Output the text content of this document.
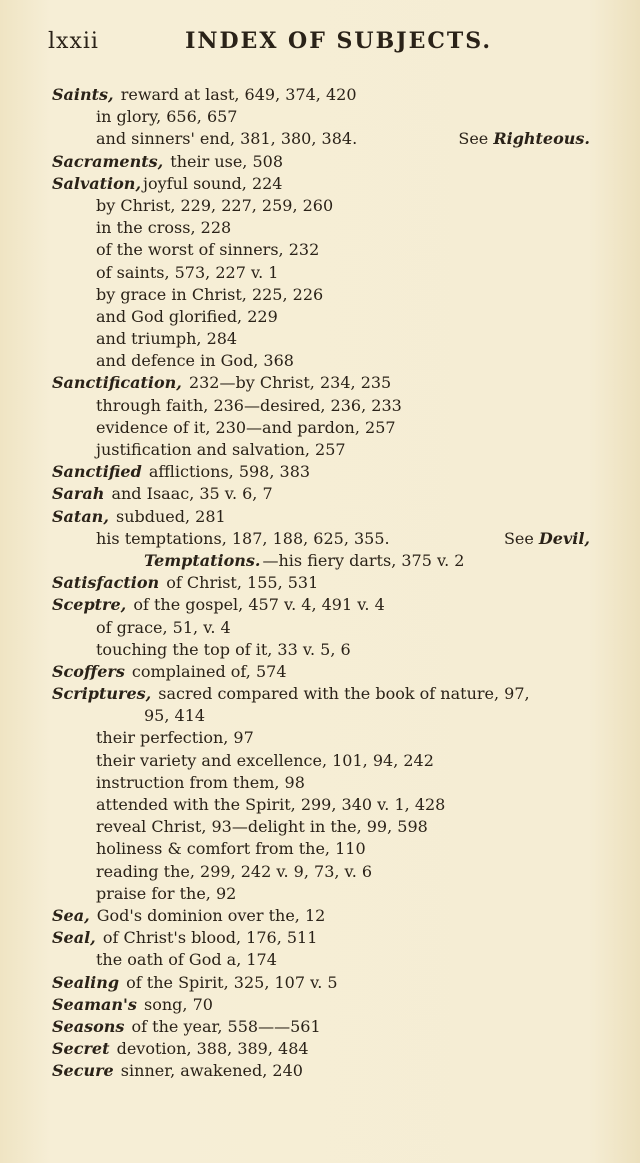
lxxii	INDEX OF SUBJECTS.
Saints, reward at last, 649, 374, 420
in glory, 656, 657
and sinners' end, 381, 380, 384.	See Righteous.
Sacraments, their use, 508
Salvation, joyful sound, 224
by Christ, 229, 227, 259, 260
in the cross, 228
of the worst of sinners, 232
of saints, 573, 227 v. 1
by grace in Christ, 225, 226
and God glorified, 229
and triumph, 284
and defence in God, 368
Sanctification, 232—by Christ, 234, 235
through faith, 236—desired, 236, 233
evidence of it, 230—and pardon, 257
justification and salvation, 257
Sanctified afflictions, 598, 383
Sarah and Isaac, 35 v. 6, 7
Satan, subdued, 281
his temptations, 187, 188, 625, 355.	See Devil,
Temptations. —his fiery darts, 375 v. 2
Satisfaction of Christ, 155, 531
Sceptre, of the gospel, 457 v. 4, 491 v. 4
of grace, 51, v. 4
touching the top of it, 33 v. 5, 6
Scoffers complained of, 574
Scriptures, sacred compared with the book of nature, 97,
95, 414
their perfection, 97
their variety and excellence, 101, 94, 242
instruction from them, 98
attended with the Spirit, 299, 340 v. 1, 428
reveal Christ, 93—delight in the, 99, 598
holiness & comfort from the, 110
reading the, 299, 242 v. 9, 73, v. 6
praise for the, 92
Sea, God's dominion over the, 12
Seal, of Christ's blood, 176, 511
the oath of God a, 174
Sealing of the Spirit, 325, 107 v. 5
Seaman's song, 70
Seasons of the year, 558——561
Secret devotion, 388, 389, 484
Secure sinner, awakened, 240
